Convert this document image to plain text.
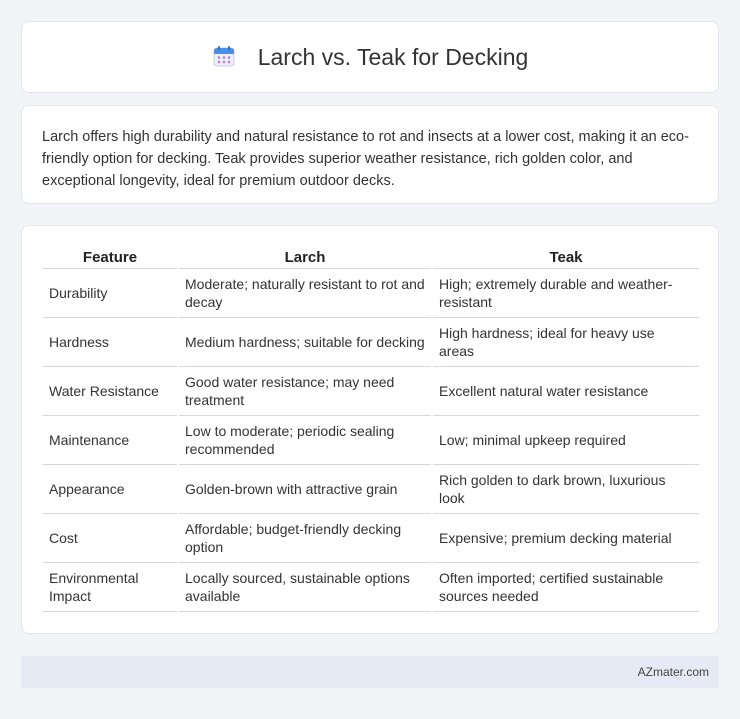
Larch vs. Teak for Decking

Larch offers high durability and natural resistance to rot and insects at a lower cost, making it an eco-friendly option for decking. Teak provides superior weather resistance, rich golden color, and exceptional longevity, ideal for premium outdoor decks.

Feature	Larch	Teak
Durability	Moderate; naturally resistant to rot and decay	High; extremely durable and weather-resistant
Hardness	Medium hardness; suitable for decking	High hardness; ideal for heavy use areas
Water Resistance	Good water resistance; may need treatment	Excellent natural water resistance
Maintenance	Low to moderate; periodic sealing recommended	Low; minimal upkeep required
Appearance	Golden-brown with attractive grain	Rich golden to dark brown, luxurious look
Cost	Affordable; budget-friendly decking option	Expensive; premium decking material
Environmental Impact	Locally sourced, sustainable options available	Often imported; certified sustainable sources needed
AZmater.com
